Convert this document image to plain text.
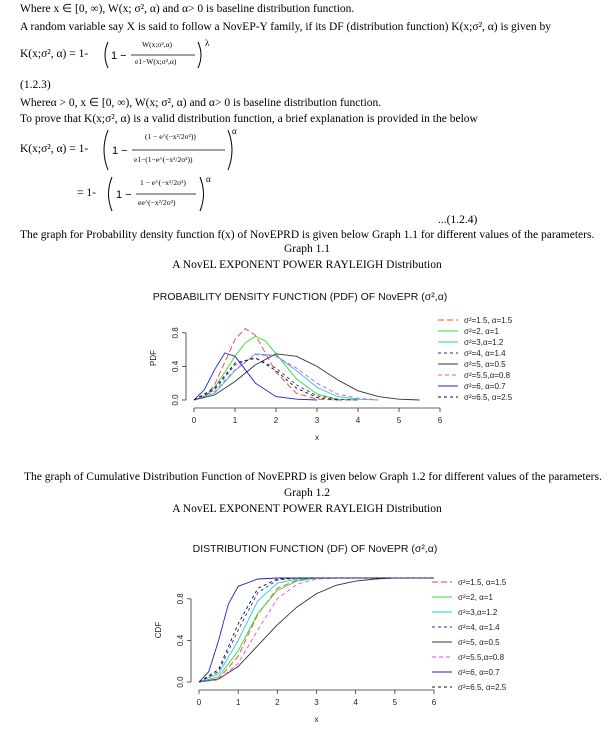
Where x ∈ [0, ∞), W(x; σ², α) and α> 0 is baseline distribution function.
A random variable say X is said to follow a NovEP-Y family, if its DF (distribution function) K(x;σ², α) is given by
K(x;σ², α) = 1- 1 −
W(x;σ²,α)
e1−W(x;σ²,α)
λ
(1.2.3)
Whereα > 0, x ∈ [0, ∞), W(x; σ², α) and α> 0 is baseline distribution function.
To prove that K(x;σ², α) is a valid distribution function, a brief explanation is provided in the below
K(x;σ², α) = 1- 1 −
(1 − e^(−x²/2σ²))
e1−(1−e^(−x²/2σ²))
α
= 1- 1 −
1 − e^(−x²/2σ²)
ee^(−x²/2σ²)
α
...(1.2.4)
The graph for Probability density function f(x) of NovEPRD is given below Graph 1.1 for different values of the parameters.
Graph 1.1
A NovEL EXPONENT POWER RAYLEIGH Distribution
PROBABILITY DENSITY FUNCTION (PDF) OF NovEPR (σ²,α)
0	1	2	3	4	5	6
0.0
0.4
0.8
x
PDF
σ²=1.5, α=1.5
σ²=2, α=1
σ²=3,α=1.2
σ²=4, α=1.4
σ²=5, α=0.5
σ²=5.5,α=0.8
σ²=6, α=0.7
σ²=6.5, α=2.5
The graph of Cumulative Distribution Function of NovEPRD is given below Graph 1.2 for different values of the parameters.
Graph 1.2
A NovEL EXPONENT POWER RAYLEIGH Distribution
DISTRIBUTION FUNCTION (DF) OF NovEPR (σ²,α)
0	1	2	3	4	5	6
0.0
0.4
0.8
x
CDF
σ²=1.5, α=1.5
σ²=2, α=1
σ²=3,α=1.2
σ²=4, α=1.4
σ²=5, α=0.5
σ²=5.5,α=0.8
σ²=6, α=0.7
σ²=6.5, α=2.5
